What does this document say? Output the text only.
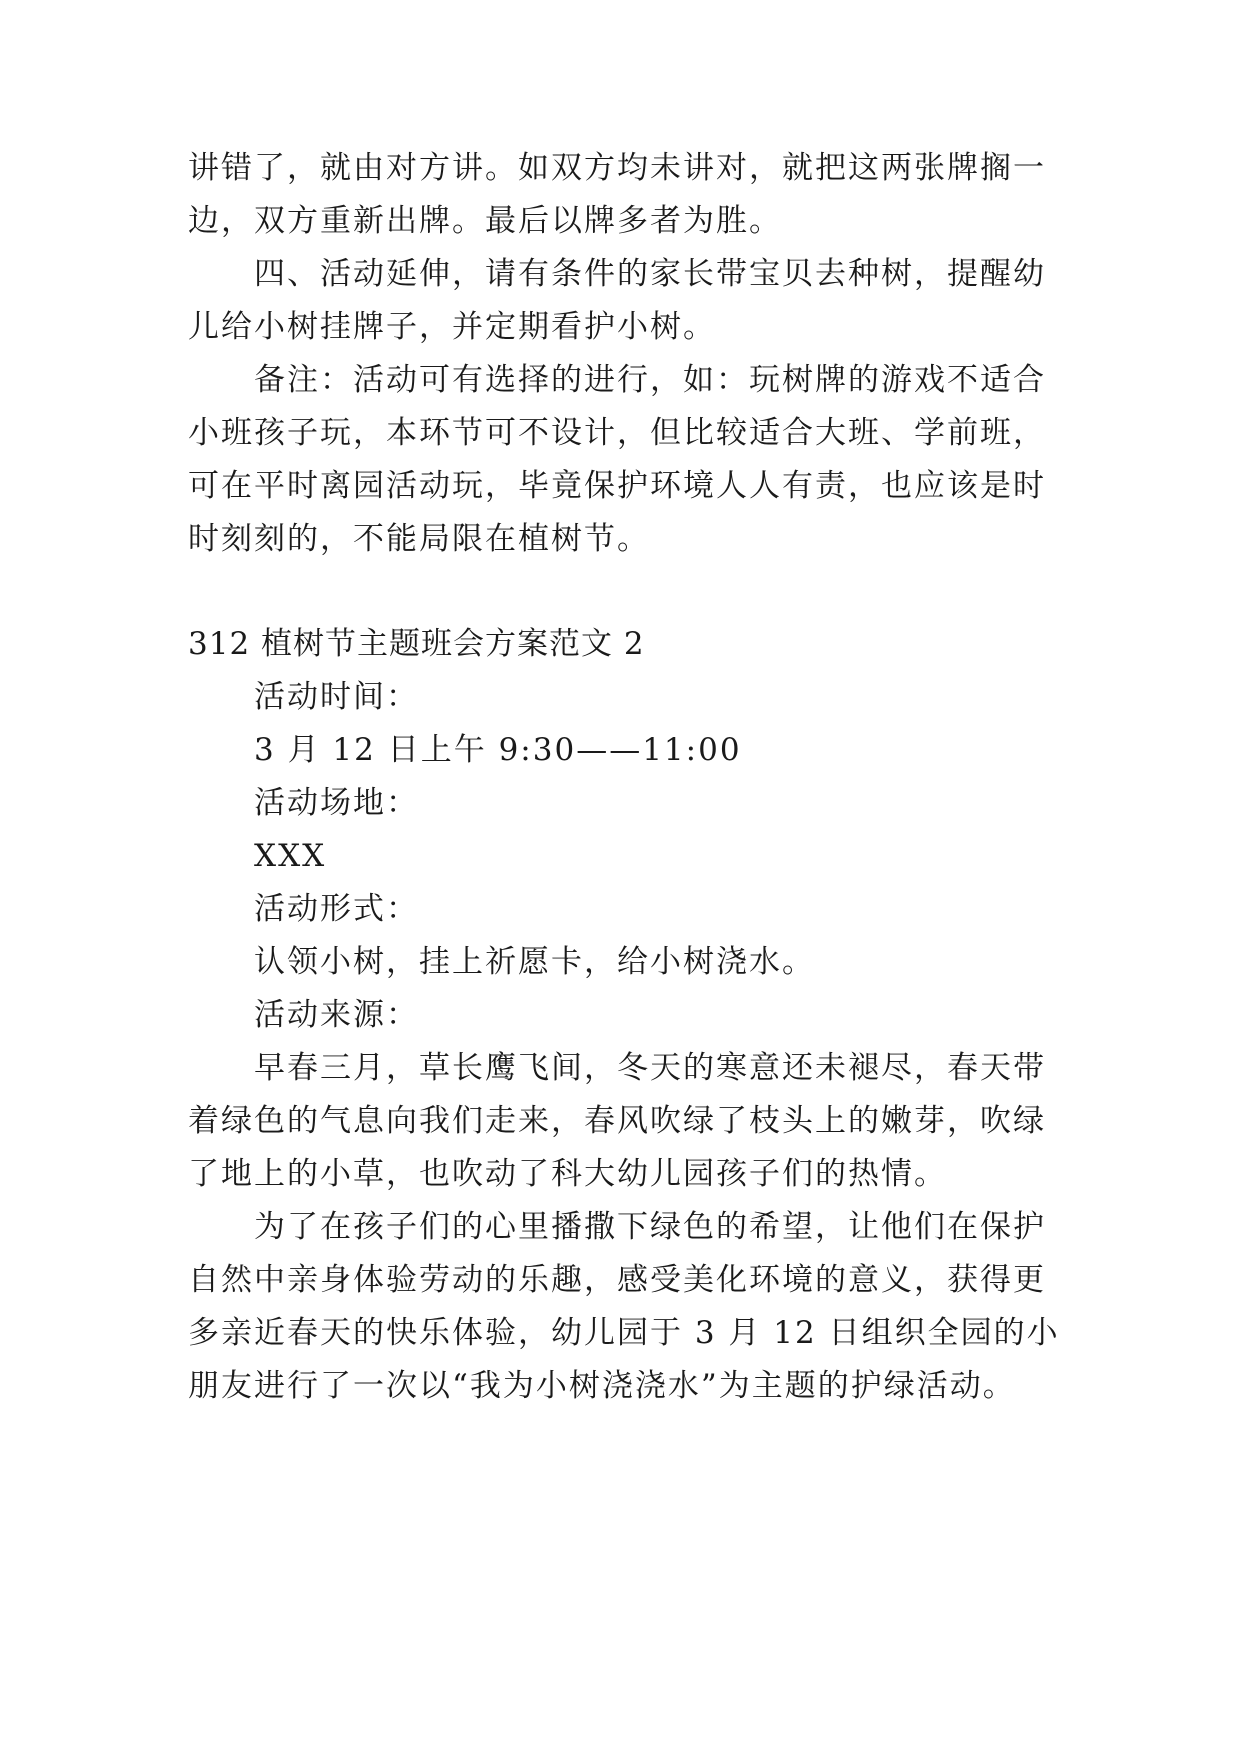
讲错了，就由对方讲。如双方均未讲对，就把这两张牌搁一
边，双方重新出牌。最后以牌多者为胜。
四、活动延伸，请有条件的家长带宝贝去种树，提醒幼
儿给小树挂牌子，并定期看护小树。
备注：活动可有选择的进行，如：玩树牌的游戏不适合
小班孩子玩，本环节可不设计，但比较适合大班、学前班，
可在平时离园活动玩，毕竟保护环境人人有责，也应该是时
时刻刻的，不能局限在植树节。
312 植树节主题班会方案范文 2
活动时间：
3 月 12 日上午 9:30——11:00
活动场地：
XXX
活动形式：
认领小树，挂上祈愿卡，给小树浇水。
活动来源：
早春三月，草长鹰飞间，冬天的寒意还未褪尽，春天带
着绿色的气息向我们走来，春风吹绿了枝头上的嫩芽，吹绿
了地上的小草，也吹动了科大幼儿园孩子们的热情。
为了在孩子们的心里播撒下绿色的希望，让他们在保护
自然中亲身体验劳动的乐趣，感受美化环境的意义，获得更
多亲近春天的快乐体验，幼儿园于 3 月 12 日组织全园的小
朋友进行了一次以“我为小树浇浇水”为主题的护绿活动。
